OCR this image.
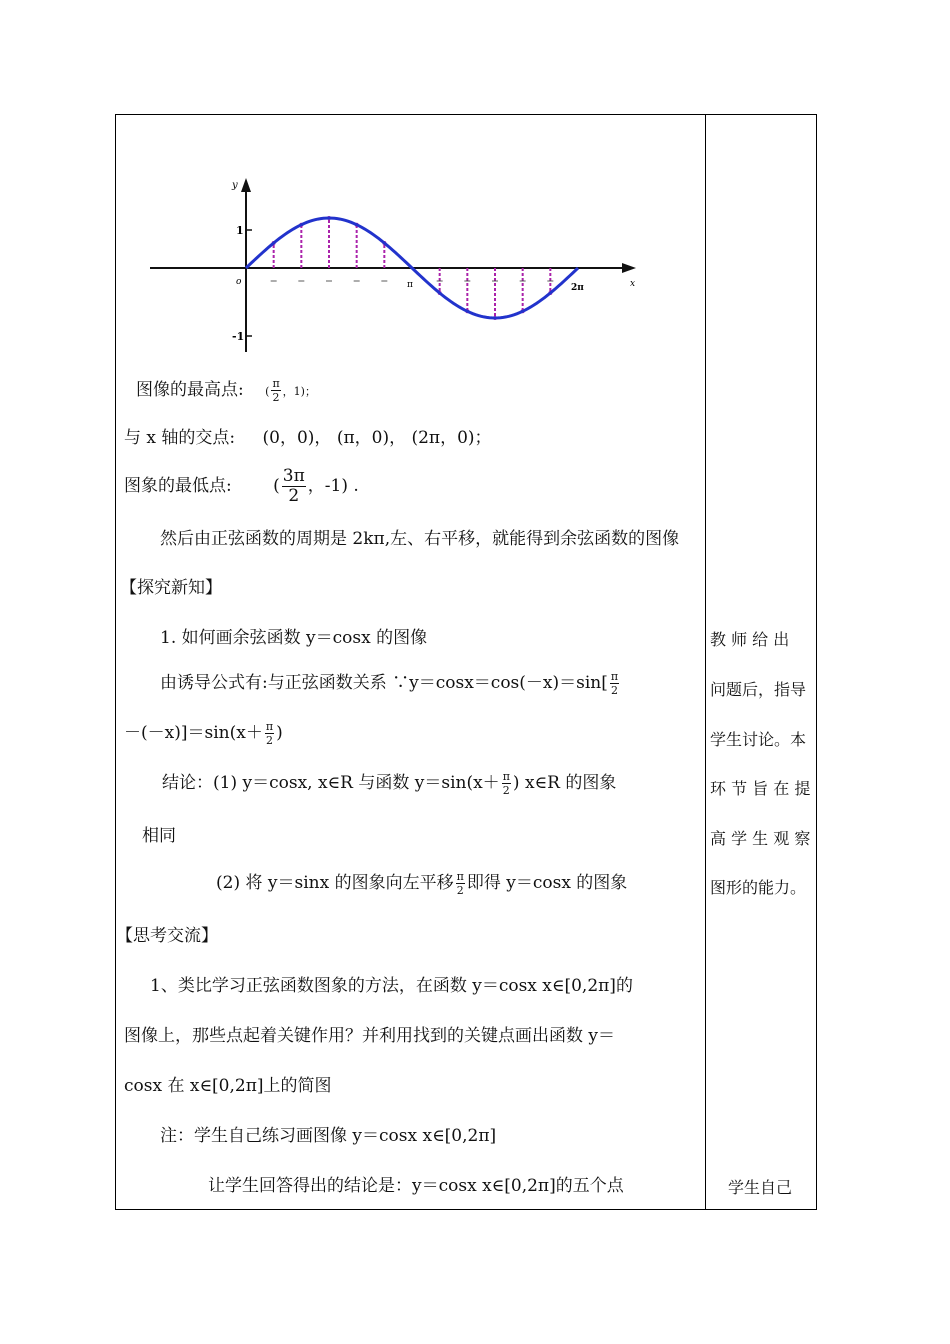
y
x
o
1
-1
π	2π
图像的最高点: ( $\frac{\pi}{2}$ ，1)；
与 x 轴的交点: (0，0)， (π，0)， (2π，0)；
图象的最低点: ( $\frac{3\pi}{2}$ ，-1) .
然后由正弦函数的周期是 2kπ,左、右平移，就能得到余弦函数的图像
【探究新知】
1. 如何画余弦函数 y＝cosx 的图像
由诱导公式有:与正弦函数关系 ∵y＝cosx＝cos(－x)＝sin[ $\frac{\pi}{2}$
$-(-x)]=\sin(x+ \frac{\pi}{2}$ )
结论：(1) y＝cosx, x∈R 与函数 $y=\sin(x+ \frac{\pi}{2}$ ) x∈R 的图象
相同
(2) 将 y＝sinx 的图象向左平移 $\frac{\pi}{2}$ 即得 y＝cosx 的图象
【思考交流】
1、类比学习正弦函数图象的方法，在函数 y＝cosx x∈[0,2π]的
图像上，那些点起着关键作用？并利用找到的关键点画出函数 y＝
cosx 在 x∈[0,2π]上的简图
注：学生自己练习画图像 y＝cosx x∈[0,2π]
让学生回答得出的结论是：y＝cosx x∈[0,2π]的五个点
教 师 给 出
问题后，指导
学生讨论。本
环 节 旨 在 提
高 学 生 观 察
图形的能力。
学生自己
